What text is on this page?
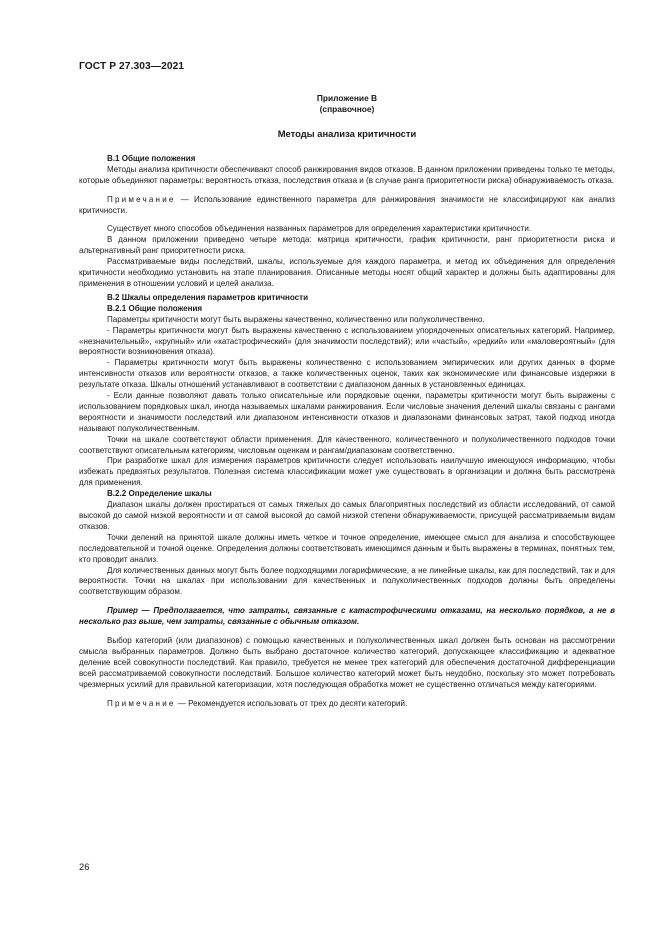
ГОСТ Р 27.303—2021
Приложение В
(справочное)
Методы анализа критичности

В.1 Общие положения

Методы анализа критичности обеспечивают способ ранжирования видов отказов. В данном приложении приведены только те методы, которые объединяют параметры: вероятность отказа, последствия отказа и (в случае ранга приоритетности риска) обнаруживаемость отказа.

Примечание — Использование единственного параметра для ранжирования значимости не классифицируют как анализ критичности.

Существует много способов объединения названных параметров для определения характеристики критичности.

В данном приложении приведено четыре метода: матрица критичности, график критичности, ранг приоритетности риска и альтернативный ранг приоритетности риска.

Рассматриваемые виды последствий, шкалы, используемые для каждого параметра, и метод их объединения для определения критичности необходимо установить на этапе планирования. Описанные методы носят общий характер и должны быть адаптированы для применения в отношении условий и целей анализа.

В.2 Шкалы определения параметров критичности

В.2.1 Общие положения

Параметры критичности могут быть выражены качественно, количественно или полуколичественно.

- Параметры критичности могут быть выражены качественно с использованием упорядоченных описательных категорий. Например, «незначительный», «крупный» или «катастрофический» (для значимости последствий); или «частый», «редкий» или «маловероятный» (для вероятности возникновения отказа).

- Параметры критичности могут быть выражены количественно с использованием эмпирических или других данных в форме интенсивности отказов или вероятности отказов, а также количественных оценок, таких как экономические или финансовые издержки в результате отказа. Шкалы отношений устанавливают в соответствии с диапазоном данных в установленных единицах.

- Если данные позволяют давать только описательные или порядковые оценки, параметры критичности могут быть выражены с использованием порядковых шкал, иногда называемых шкалами ранжирования. Если числовые значения делений шкалы связаны с рангами вероятности и значимости последствий или диапазоном интенсивности отказов и диапазонами финансовых затрат, такой подход иногда называют полуколичественным.

Точки на шкале соответствуют области применения. Для качественного, количественного и полуколичественного подходов точки соответствуют описательным категориям, числовым оценкам и рангам/диапазонам соответственно.

При разработке шкал для измерения параметров критичности следует использовать наилучшую имеющуюся информацию, чтобы избежать предвзятых результатов. Полезная система классификации может уже существовать в организации и должна быть рассмотрена для применения.

В.2.2 Определение шкалы

Диапазон шкалы должен простираться от самых тяжелых до самых благоприятных последствий из области исследований, от самой высокой до самой низкой вероятности и от самой высокой до самой низкой степени обнаруживаемости, присущей рассматриваемым видам отказов.

Точки делений на принятой шкале должны иметь четкое и точное определение, имеющее смысл для анализа и способствующее последовательной и точной оценке. Определения должны соответствовать имеющимся данным и быть выражены в терминах, понятных тем, кто проводит анализ.

Для количественных данных могут быть более подходящими логарифмические, а не линейные шкалы, как для последствий, так и для вероятности. Точки на шкалах при использовании для качественных и полуколичественных подходов должны быть определены соответствующим образом.

Пример — Предполагается, что затраты, связанные с катастрофическими отказами, на несколько порядков, а не в несколько раз выше, чем затраты, связанные с обычным отказом.

Выбор категорий (или диапазонов) с помощью качественных и полуколичественных шкал должен быть основан на рассмотрении смысла выбранных параметров. Должно быть выбрано достаточное количество категорий, допускающее классификацию и адекватное деление всей совокупности последствий. Как правило, требуется не менее трех категорий для обеспечения достаточной дифференциации всей рассматриваемой совокупности последствий. Большое количество категорий может быть неудобно, поскольку это может потребовать чрезмерных усилий для правильной категоризации, хотя последующая обработка может не существенно отличаться между категориями.

Примечание — Рекомендуется использовать от трех до десяти категорий.

26
